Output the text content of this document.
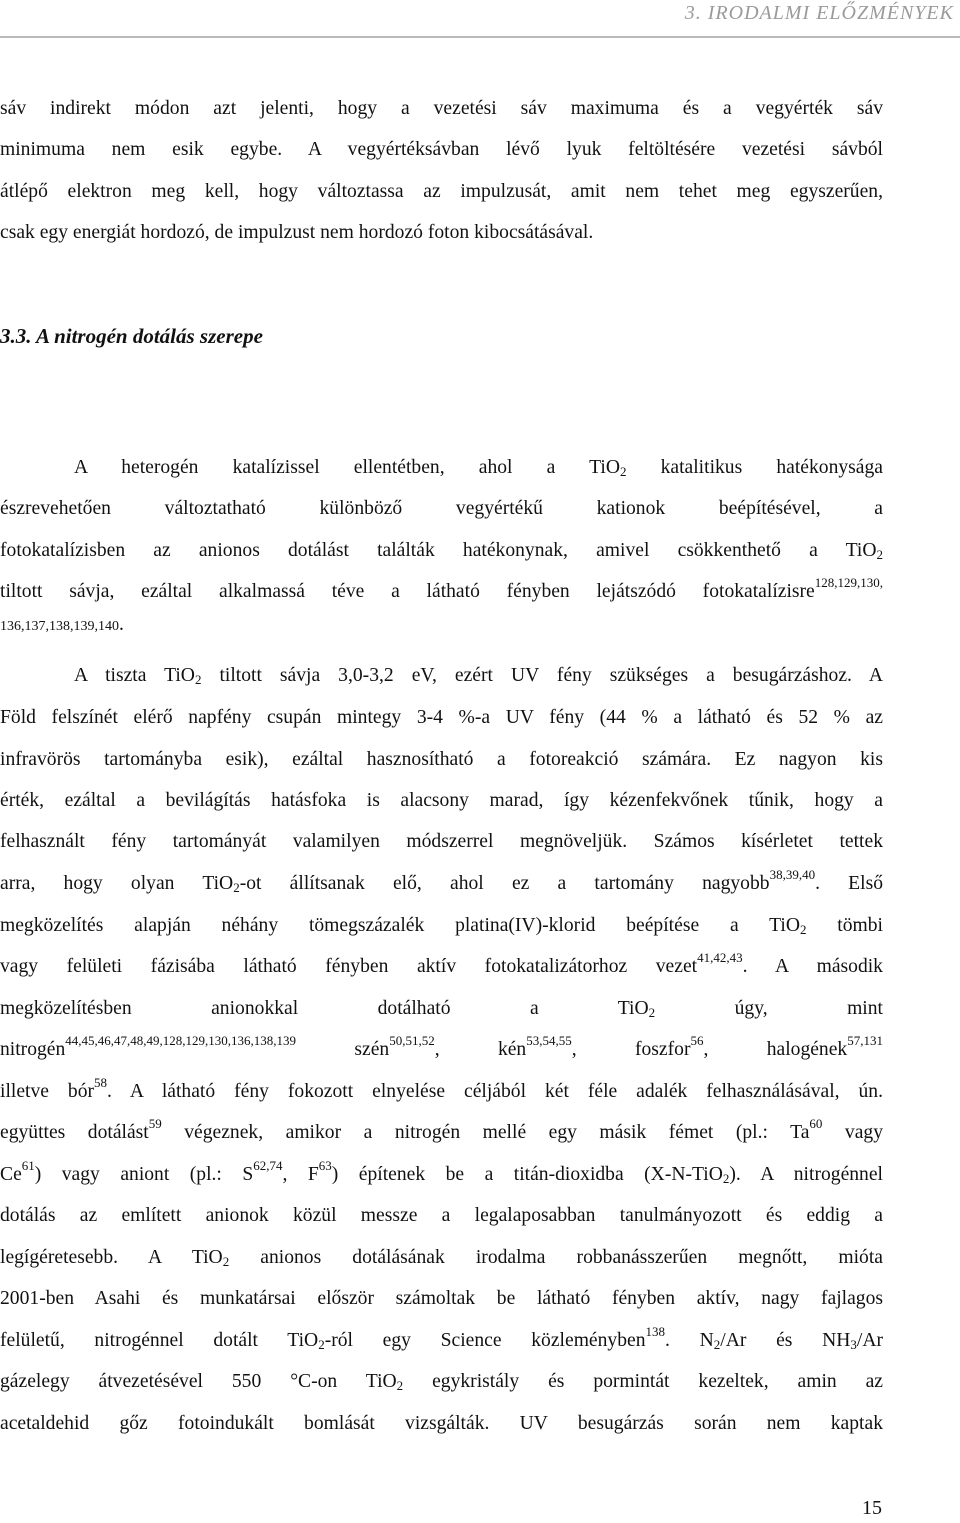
3. IRODALMI ELŐZMÉNYEK
sáv indirekt módon azt jelenti, hogy a vezetési sáv maximuma és a vegyérték sáv
minimuma nem esik egybe. A vegyértéksávban lévő lyuk feltöltésére vezetési sávból
átlépő elektron meg kell, hogy változtassa az impulzusát, amit nem tehet meg egyszerűen,
csak egy energiát hordozó, de impulzust nem hordozó foton kibocsátásával.
3.3. A nitrogén dotálás szerepe
A heterogén katalízissel ellentétben, ahol a TiO$_2$ katalitikus hatékonysága
észrevehetően változtatható különböző vegyértékű kationok beépítésével, a
fotokatalízisben az anionos dotálást találták hatékonynak, amivel csökkenthető a TiO$_2$
tiltott sávja, ezáltal alkalmassá téve a látható fényben lejátszódó fotokatalízisre$^{128,129,130,}$
136,137,138,139,140.
A tiszta TiO$_2$ tiltott sávja 3,0-3,2 eV, ezért UV fény szükséges a besugárzáshoz. A
Föld felszínét elérő napfény csupán mintegy 3-4 %-a UV fény (44 % a látható és 52 % az
infravörös tartományba esik), ezáltal hasznosítható a fotoreakció számára. Ez nagyon kis
érték, ezáltal a bevilágítás hatásfoka is alacsony marad, így kézenfekvőnek tűnik, hogy a
felhasznált fény tartományát valamilyen módszerrel megnöveljük. Számos kísérletet tettek
arra, hogy olyan TiO$_2$-ot állítsanak elő, ahol ez a tartomány nagyobb$^{38,39,40}$. Első
megközelítés alapján néhány tömegszázalék platina(IV)-klorid beépítése a TiO$_2$ tömbi
vagy felületi fázisába látható fényben aktív fotokatalizátorhoz vezet$^{41,42,43}$. A második
megközelítésben anionokkal dotálható a TiO$_2$ úgy, mint
nitrogén$^{44,45,46,47,48,49,128,129,130,136,138,139}$ szén$^{50,51,52}$, kén$^{53,54,55}$, foszfor$^{56}$, halogének$^{57,131}$
illetve bór$^{58}$. A látható fény fokozott elnyelése céljából két féle adalék felhasználásával, ún.
együttes dotálást$^{59}$ végeznek, amikor a nitrogén mellé egy másik fémet (pl.: Ta$^{60}$ vagy
Ce$^{61}$) vagy aniont (pl.: S$^{62,74}$, $F^{63}$) építenek be a titán-dioxidba (X-N-TiO$_2$). A nitrogénnel
dotálás az említett anionok közül messze a legalaposabban tanulmányozott és eddig a
legígéretesebb. A TiO$_2$ anionos dotálásának irodalma robbanásszerűen megnőtt, mióta
2001-ben Asahi és munkatársai először számoltak be látható fényben aktív, nagy fajlagos
felületű, nitrogénnel dotált TiO$_2$-ról egy Science közleményben$^{138}$. $N_2/Ar$ és $NH_3/Ar$
gázelegy átvezetésével 550 °C-on TiO$_2$ egykristály és pormintát kezeltek, amin az
acetaldehid gőz fotoindukált bomlását vizsgálták. UV besugárzás során nem kaptak
15
